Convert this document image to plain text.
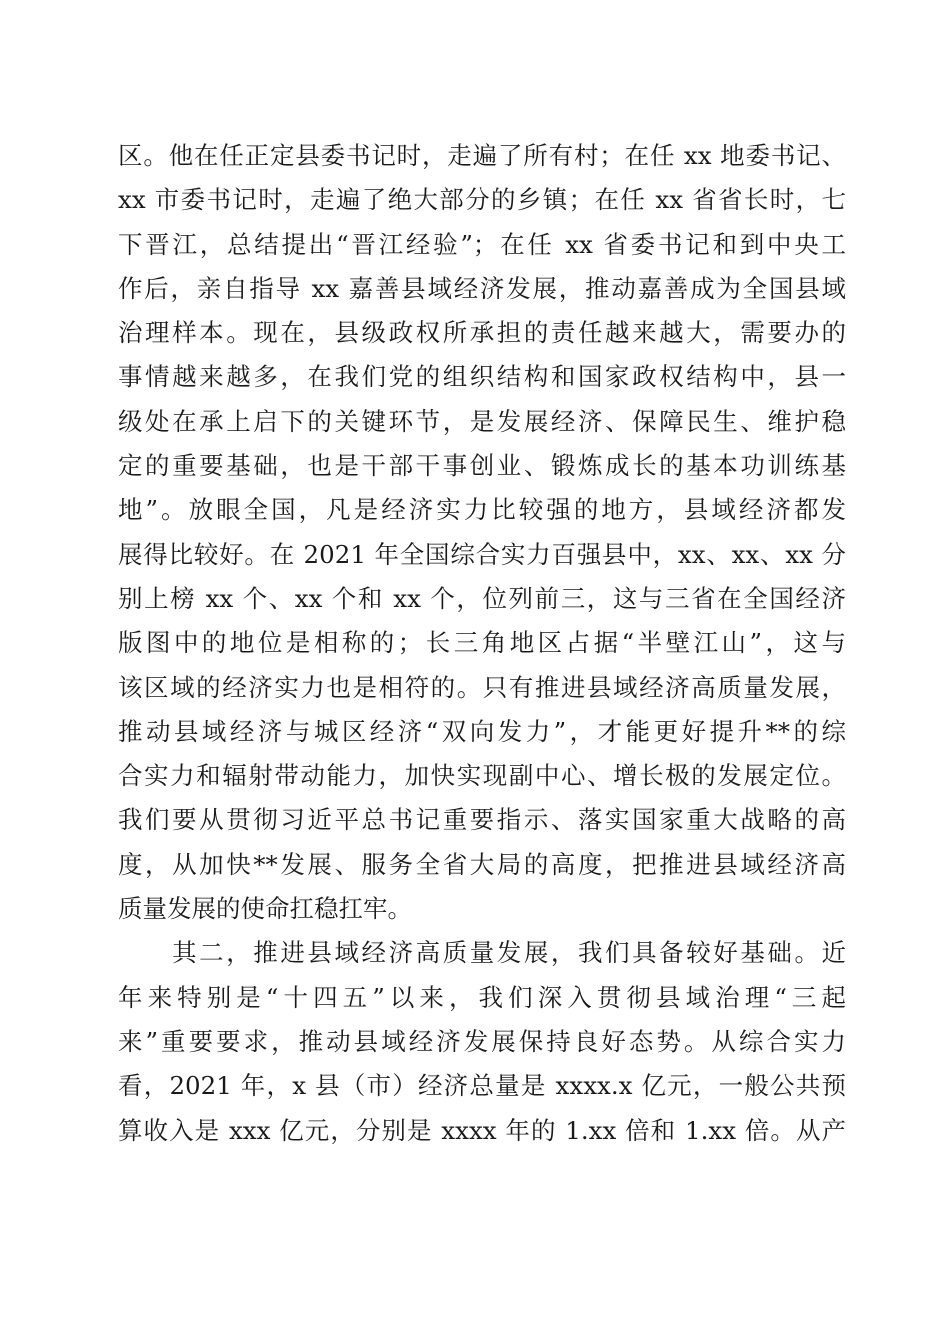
区。他在任正定县委书记时，走遍了所有村；在任 xx 地委书记、
xx 市委书记时，走遍了绝大部分的乡镇；在任 xx 省省长时，七
下晋江，总结提出“晋江经验”；在任 xx 省委书记和到中央工
作后，亲自指导 xx 嘉善县域经济发展，推动嘉善成为全国县域
治理样本。现在，县级政权所承担的责任越来越大，需要办的
事情越来越多，在我们党的组织结构和国家政权结构中，县一
级处在承上启下的关键环节，是发展经济、保障民生、维护稳
定的重要基础，也是干部干事创业、锻炼成长的基本功训练基
地”。放眼全国，凡是经济实力比较强的地方，县域经济都发
展得比较好。在 2021 年全国综合实力百强县中，xx、xx、xx 分
别上榜 xx 个、xx 个和 xx 个，位列前三，这与三省在全国经济
版图中的地位是相称的；长三角地区占据“半壁江山”，这与
该区域的经济实力也是相符的。只有推进县域经济高质量发展，
推动县域经济与城区经济“双向发力”，才能更好提升**的综
合实力和辐射带动能力，加快实现副中心、增长极的发展定位。
我们要从贯彻习近平总书记重要指示、落实国家重大战略的高
度，从加快**发展、服务全省大局的高度，把推进县域经济高
质量发展的使命扛稳扛牢。
　　其二，推进县域经济高质量发展，我们具备较好基础。近
年来特别是“十四五”以来，我们深入贯彻县域治理“三起
来”重要要求，推动县域经济发展保持良好态势。从综合实力
看，2021 年，x 县（市）经济总量是 xxxx.x 亿元，一般公共预
算收入是 xxx 亿元，分别是 xxxx 年的 1.xx 倍和 1.xx 倍。从产
